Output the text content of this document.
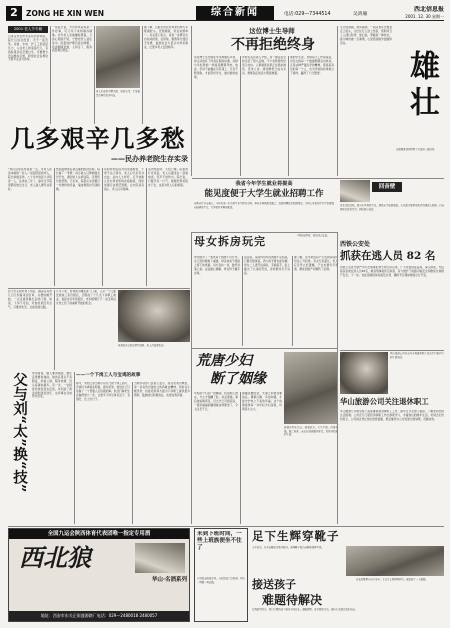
2	ZONG HE XIN WEN	综合新闻	电话:029—7344514	吴鸿雁
西北信息报
2001. 12. 30 星期一
2001·老人节专稿
记者走访全市多家民办养老院，院长们谈及经营，无不一脸苦笑。房租、水电、护工工资层层压力，入住老人却寥寥无几，有的院里床位空置过半，还要想方设法维持运转，盼望社会各界给予更多关注与扶持。
一位院长说，开办养老院本是一件好事，可几年下来却越办越难。许多老人家属嫌收费高，又担心照顾不周，宁愿把老人留在家中。院里的护理员流动频繁，培训刚刚见效，人却走了，服务质量难以稳定。
老人们在院中晒太阳，闲话家常，生活虽清苦却也安详自在。
据了解，目前全市民办养老机构大多规模较小，设施简陋，资金来源单一。有关部门表示，将进一步研究出台扶持政策，在用地、税费等方面给予优惠，鼓励社会力量兴办养老事业，让更多老人安度晚年。
几多艰辛几多愁
——民办养老院生存实录
“我们这里条件是差一点，可老人住进来就像一家人。”说起院里的老人，院长如数家珍。八十多岁的张大爷孤身一人，住进来三年了，逢年过节院里都给他过生日，老人逢人便夸这里好。
然而温情背后是沉重的经济负担。院长算了一笔账：每月收入只够勉强支付开支，遇到老人生病住院，还得垫付医药费。几年来，院里从未添置过一件像样的设备，墙皮剥落也无钱粉刷。
有的养老院因为资金链断裂，不得不关门停办，老人们只好另寻去处。业内人士呼吁，应尽快建立民办养老机构补贴制度，同时加强行业规范管理，让办院者有信心、老人们有保障。
采访结束时，天色已晚，院里的灯光亮起，老人们围坐在一起看电视，笑声不时传出。院长说，只要还有一口气，就要把养老院办下去，这是对老人们的承诺。
这位博士生导师
不再拒绝终身
这位博士生导师在学术界颇有声望，却主动放弃了终身任职的待遇，选择与年轻教师一样接受聘期考核。他说，学问不能躺在功劳簿上，只有不断进取，才能带好学生，做出新的成果。
学校有关负责人介绍，这一做法在全校引起了很大反响，不少老教授纷纷表示支持。人事制度改革正在稳步推进，竞争上岗、择优聘用已成为共识，教师队伍的活力明显增强。
他的学生说，导师每天工作到深夜，对论文的每一个数据都要亲自核对。正是这种严谨治学的精神，感染着身边的每一个人，也为学校的改革树立了榜样，赢得了广泛赞誉。
冬日的清晨，寒风凛冽。一队队青年志愿者走上街头，为过往行人送上热茶，帮助环卫工人清扫积雪。他们说，奉献是一种快乐，能为城市做一点事情，心里感到格外温暖和充实。
雄壮
志愿服务活动得到了市民的一致好评。
我省今年学生就业将提高
能见度便于大学生就业招聘工作
省教育厅日前表示，今年将进一步完善毕业生就业市场，举办多场供需见面会，提高招聘信息的透明度，为用人单位和毕业生搭建双向选择的平台，力争就业率再创新高。
回音壁
读者来信反映，部分小区供暖不足，居民家中室温偏低。有关部门接到反映后迅速派人检修，目前供暖已恢复正常，居民表示满意。
西铁公安处
抓获在逃人员 82 名
西铁公安处开展严厉打击刑事犯罪专项行动以来，广大民警昼夜奋战，深入排查，先后抓获各类在逃人员82名，破获刑事案件百余起，有力维护了铁路运输安全和旅客生命财产安全。下一步，该处将继续保持高压态势，确保节日期间旅客出行平安。
母女拆房玩完	一场家庭纠纷，母女闹上法庭。
四十出头的老刘下岗后，揣着仅有的几百元积蓄来到宝鸡，从摆地摊开始，一点点摸索做生意的门道。他说，下岗不可怕，可怕的是没有志气，只要肯吃苦，总能找到出路。
几年下来，老刘的小摊变成了门面，又从一个门面发展成三家连锁店，还吸收了十几名下岗职工就业。说起这些年的经历，老刘感慨万千：是宝鸡这片热土给了他重新开始的机会。
老刘在自己的店里忙碌着，脸上洋溢着笑容。
父与刘“太”换“技”	老刘常说，做人要讲诚信，做生意更要讲诚信。他的店里从不卖假货，价格公道，服务热情，回头客越来越多。有一次，一位顾客把钱包落在店里，老刘追了两条街把钱包送还，这件事在当地传为佳话。
——一个下岗工人与宝鸡的故事
如今，老刘已是当地小有名气的个体工商户，还被评为再就业明星。面对荣誉，他说自己只是做了一个普通人应该做的事。他还打算把生意做得更大一些，让更多下岗兄弟有活干、有饭吃，过上好日子。
当地劳动部门负责人表示，将以老刘为典型，进一步宣传自强自立的再就业精神，同时在小额贷款、技能培训等方面为下岗职工提供更多帮助，鼓励他们积极创业，实现自我价值。
母女俩为了一套老房子闹得不可开交。女儿坚持要拆了重建，母亲却舍不得祖上留下的老屋。双方各执一词，最终对簿公堂。法官耐心调解，母女终于握手言和。
法官说，家庭纠纷多因沟通不足而起，只要互相体谅，再大的矛盾也能化解。母女二人离开法庭时，手挽着手，脸上露出了久违的笑容，旁听群众无不动容。
据了解，近年来因房产引发的家庭纠纷呈上升趋势。有关专家建议，老人应及早立好遗嘱，子女也要多尽孝道，避免因财产问题伤了亲情。
荒唐少妇
断了姻缘
年轻的少妇因一时糊涂，轻信他人谗言，与丈夫闹翻了脸，执意离婚。事后她追悔莫及，可丈夫已另组家庭，一段好端端的姻缘就这样断送了，令人叹息不已。
婚姻需要经营，夫妻之间更需要信任。遇事冷静、多加沟通，才能守护来之不易的幸福。这个故事值得每一对年轻夫妇深思，切莫因小失大。
她独自坐在门前，望着远方，久久不语。往事如烟，悔之晚矣。亲友们劝她振作起来，重新开始新的生活。
华山旅游公司关注退休职工
华山旅游公司日前为全体退休职工送去节日慰问金和生活用品。
华山旅游公司领导班子高度重视离退休职工工作，逢年过节必登门看望，了解老同志的生活困难。公司还专门组织退休职工外出参观学习，丰富他们的晚年生活。老同志们纷纷表示，公司的关怀让他们倍感温暖，愿意继续为公司发展出谋划策，贡献余热。
全国九运会陕西体育代表团唯一指定专用酒
西北狼
华山·名酒系列
地址：西安市东关正街盛源路厂电话：029—2480018 2480057
未到下班时间，一些上班族便坐不住了
有的提前收拾东西，有的站在门口张望，时针一到便一哄而散。
足下生辉穿靴子
入冬以来，各式长靴成为街头时尚，商场靴子柜台前顾客络绎不绝。
接送孩子
难题待解决
每到放学时分，校门口便挤满了接孩子的家长，道路拥堵，安全隐患突出，亟待有关部门拿出办法。
家长们既担心孩子安全，又苦于上班时间冲突，接送成了一大难题。
